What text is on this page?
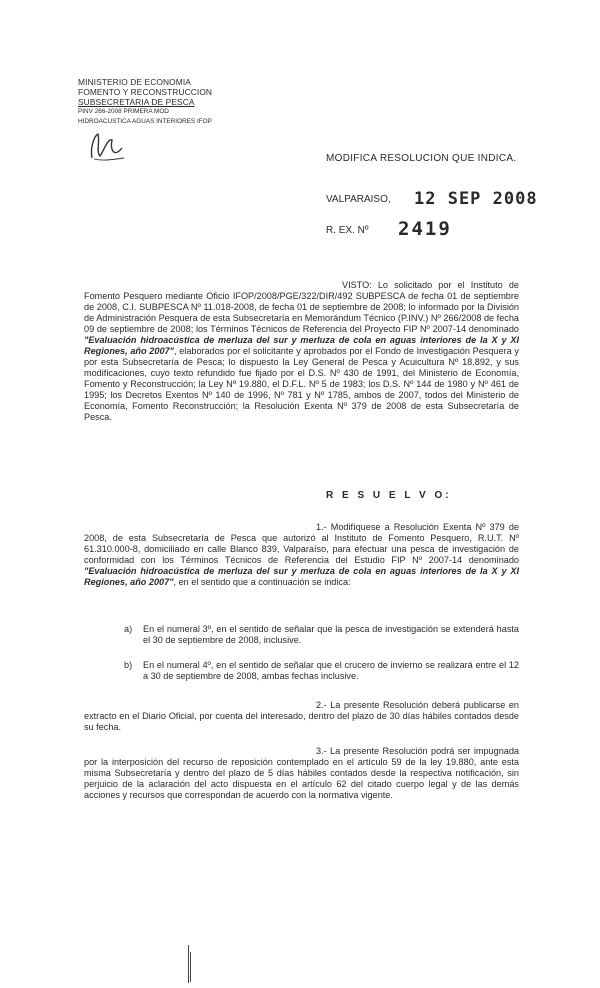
MINISTERIO DE ECONOMIA
FOMENTO Y RECONSTRUCCION
SUBSECRETARIA DE PESCA
PINV 266-2008 PRIMERA MOD
HIDROACUSTICA AGUAS INTERIORES IFOP
MODIFICA RESOLUCION QUE INDICA.
VALPARAISO, 12 SEP 2008
R. EX. Nº 2419
VISTO: Lo solicitado por el Instituto de Fomento Pesquero mediante Oficio IFOP/2008/PGE/322/DIR/492 SUBPESCA de fecha 01 de septiembre de 2008, C.I. SUBPESCA Nº 11.018-2008, de fecha 01 de septiembre de 2008; lo informado por la División de Administración Pesquera de esta Subsecretaría en Memorándum Técnico (P.INV.) Nº 266/2008 de fecha 09 de septiembre de 2008; los Términos Técnicos de Referencia del Proyecto FIP Nº 2007-14 denominado "Evaluación hidroacústica de merluza del sur y merluza de cola en aguas interiores de la X y XI Regiones, año 2007", elaborados por el solicitante y aprobados por el Fondo de Investigación Pesquera y por esta Subsecretaría de Pesca; lo dispuesto la Ley General de Pesca y Acuicultura Nº 18.892, y sus modificaciones, cuyo texto refundido fue fijado por el D.S. Nº 430 de 1991, del Ministerio de Economía, Fomento y Reconstrucción; la Ley Nº 19.880, el D.F.L. Nº 5 de 1983; los D.S. Nº 144 de 1980 y Nº 461 de 1995; los Decretos Exentos Nº 140 de 1996, Nº 781 y Nº 1785, ambos de 2007, todos del Ministerio de Economía, Fomento Reconstrucción; la Resolución Exenta Nº 379 de 2008 de esta Subsecretaría de Pesca.
R E S U E L V O:
1.- Modifíquese a Resolución Exenta Nº 379 de 2008, de esta Subsecretaría de Pesca que autorizó al Instituto de Fomento Pesquero, R.U.T. Nº 61.310.000-8, domiciliado en calle Blanco 839, Valparaíso, para efectuar una pesca de investigación de conformidad con los Términos Técnicos de Referencia del Estudio FIP Nº 2007-14 denominado "Evaluación hidroacústica de merluza del sur y merluza de cola en aguas interiores de la X y XI Regiones, año 2007", en el sentido que a continuación se indica:
a) En el numeral 3º, en el sentido de señalar que la pesca de investigación se extenderá hasta el 30 de septiembre de 2008, inclusive.
b) En el numeral 4º, en el sentido de señalar que el crucero de invierno se realizará entre el 12 a 30 de septiembre de 2008, ambas fechas inclusive.
2.- La presente Resolución deberá publicarse en extracto en el Diario Oficial, por cuenta del interesado, dentro del plazo de 30 días hábiles contados desde su fecha.
3.- La presente Resolución podrá ser impugnada por la interposición del recurso de reposición contemplado en el artículo 59 de la ley 19.880, ante esta misma Subsecretaría y dentro del plazo de 5 días hábiles contados desde la respectiva notificación, sin perjuicio de la aclaración del acto dispuesta en el artículo 62 del citado cuerpo legal y de las demás acciones y recursos que correspondan de acuerdo con la normativa vigente.
